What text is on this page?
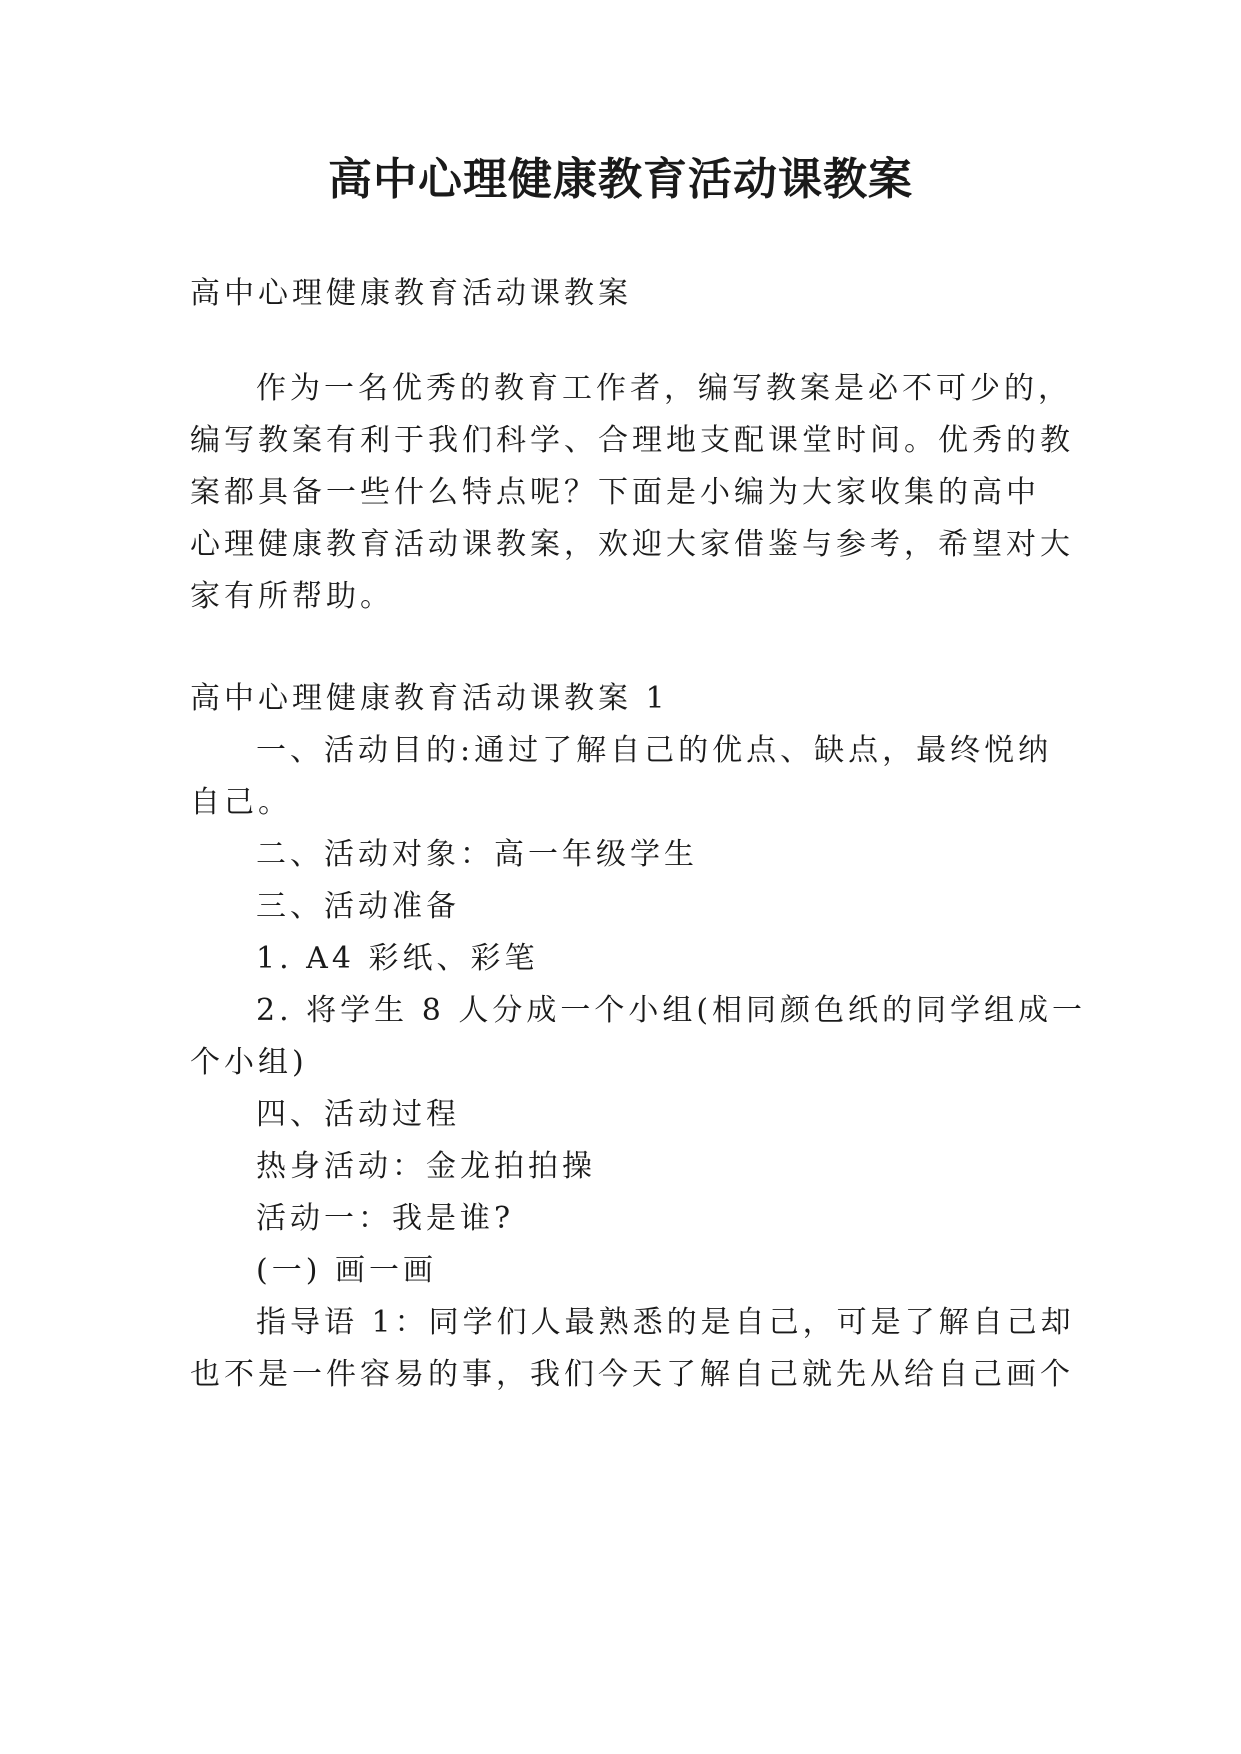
高中心理健康教育活动课教案

高中心理健康教育活动课教案

作为一名优秀的教育工作者，编写教案是必不可少的，

编写教案有利于我们科学、合理地支配课堂时间。优秀的教

案都具备一些什么特点呢？下面是小编为大家收集的高中

心理健康教育活动课教案，欢迎大家借鉴与参考，希望对大

家有所帮助。

高中心理健康教育活动课教案 1

一、活动目的:通过了解自己的优点、缺点，最终悦纳

自己。

二、活动对象：高一年级学生

三、活动准备

1. A4 彩纸、彩笔

2. 将学生 8 人分成一个小组(相同颜色纸的同学组成一

个小组)

四、活动过程

热身活动：金龙拍拍操

活动一：我是谁?

(一) 画一画

指导语 1：同学们人最熟悉的是自己，可是了解自己却

也不是一件容易的事，我们今天了解自己就先从给自己画个
